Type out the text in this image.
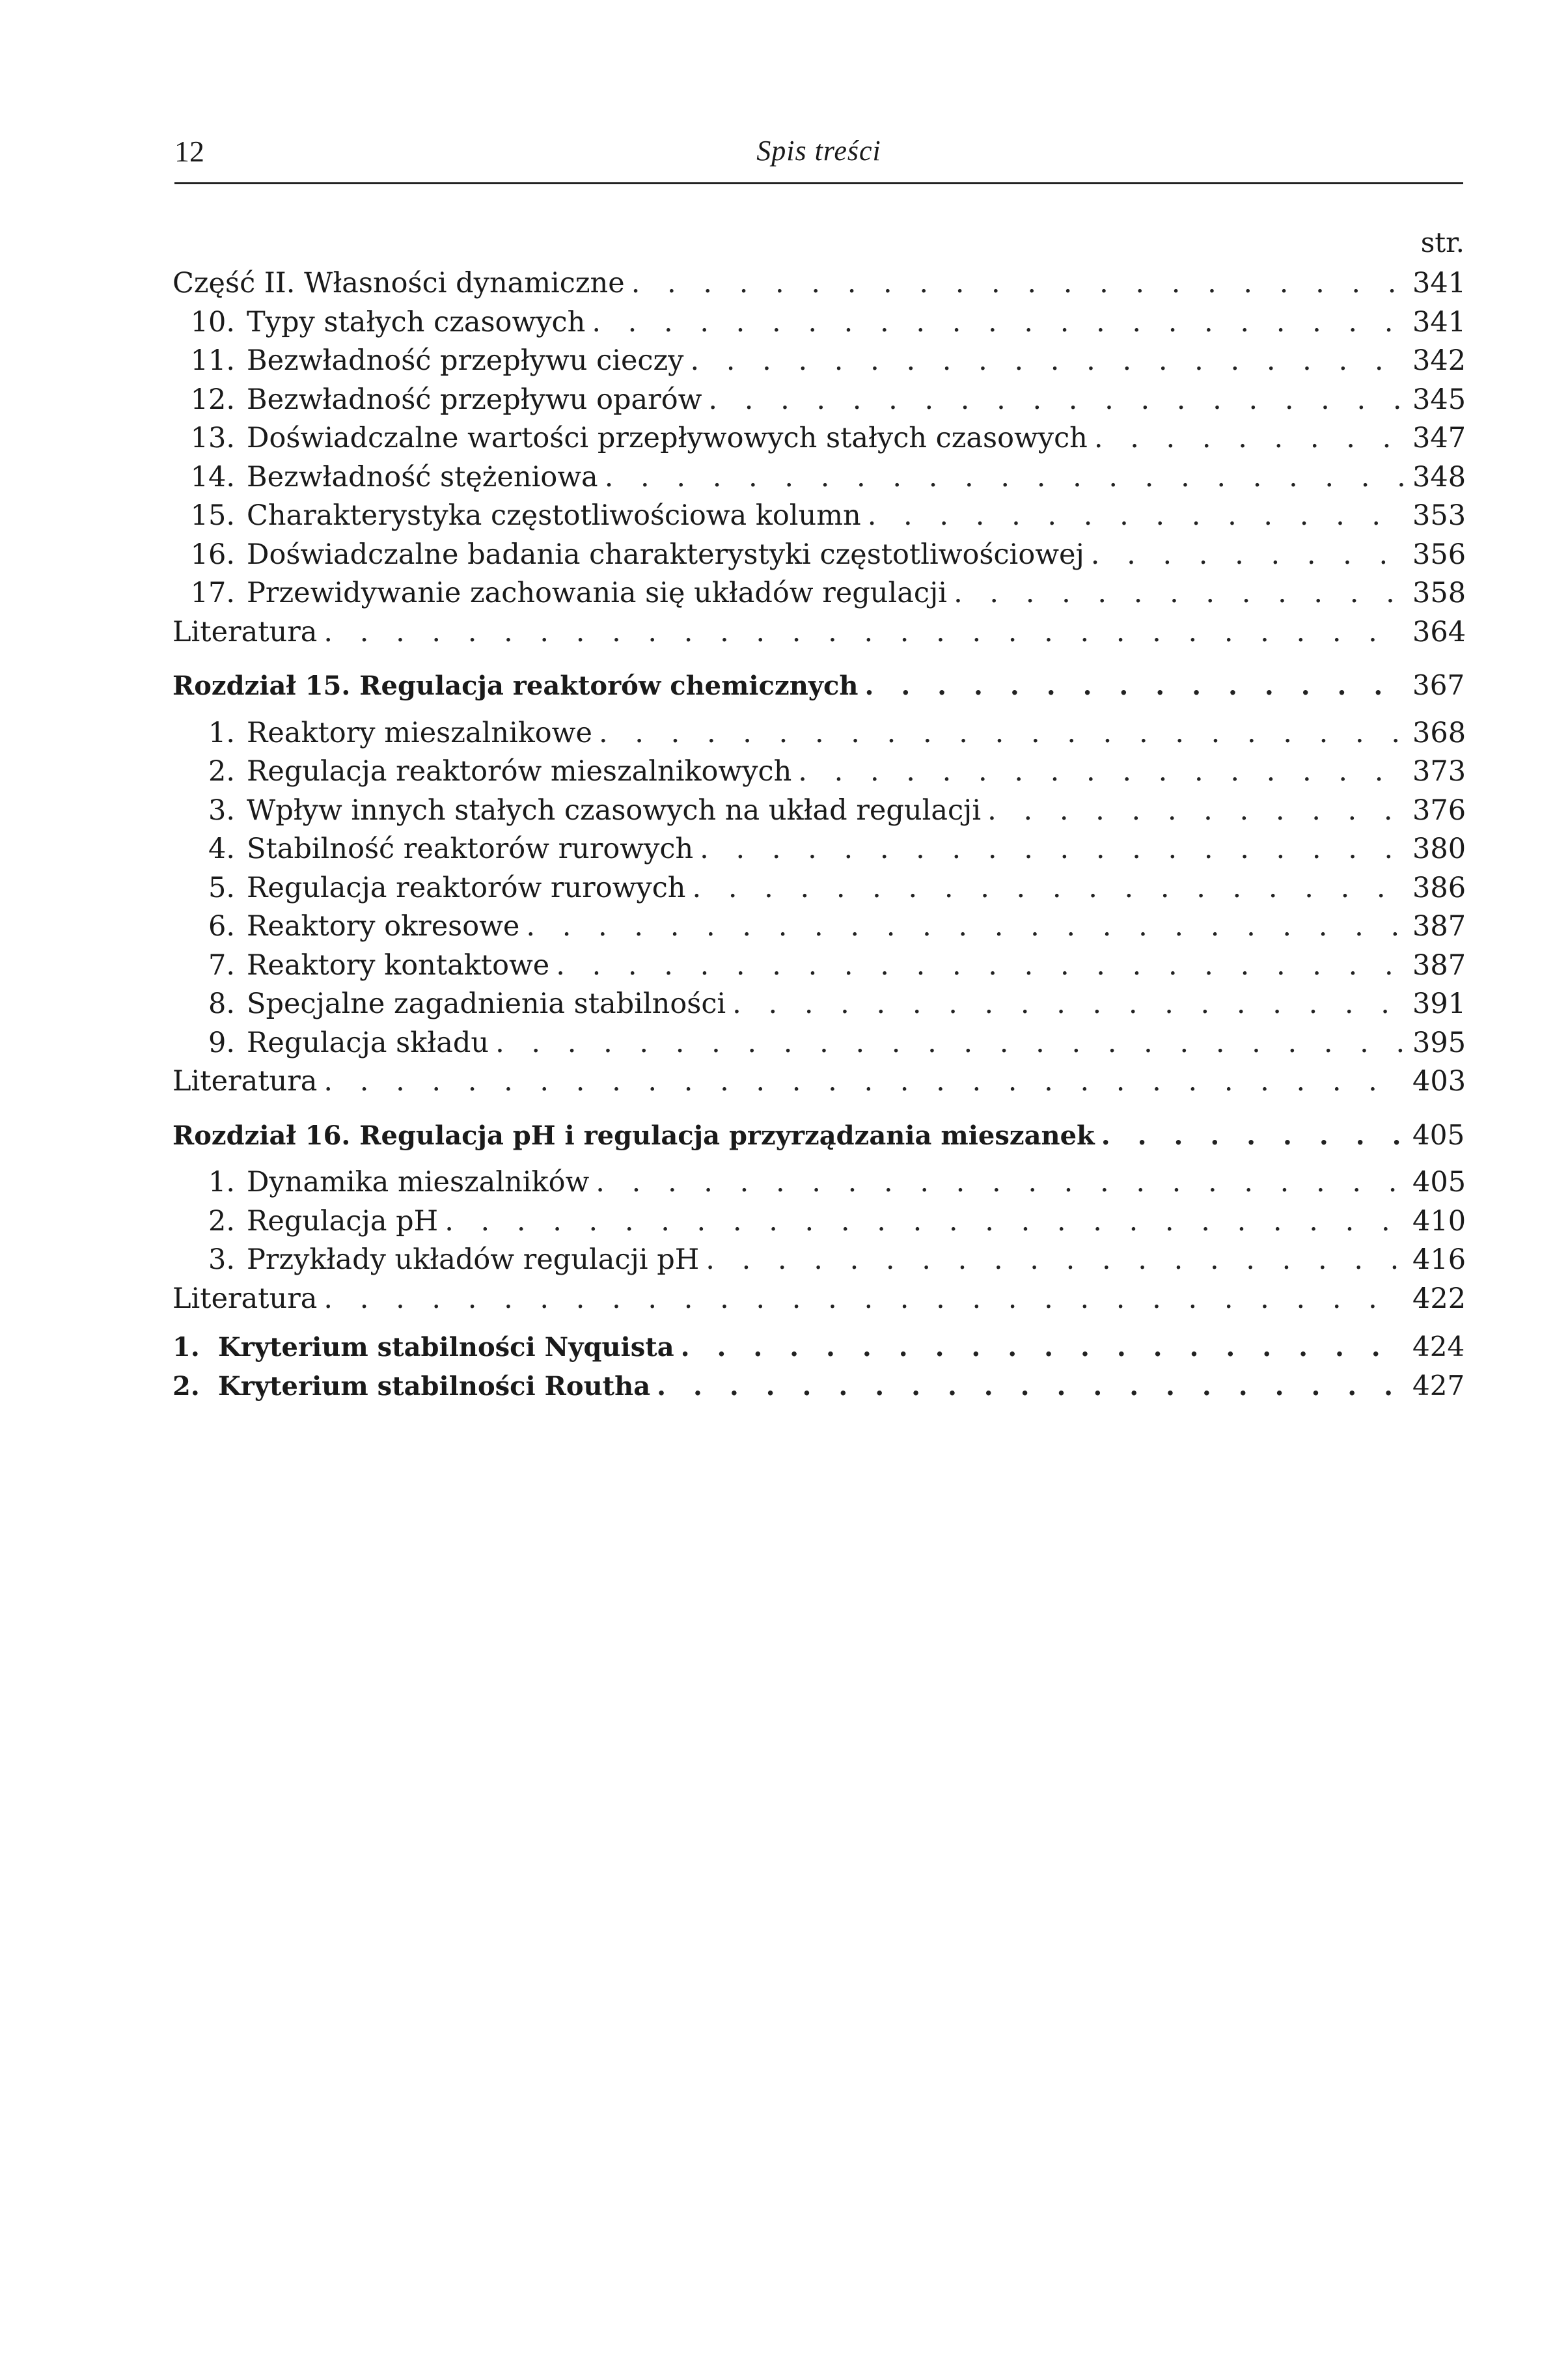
12	Spis treści
str.
Część II. Własności dynamiczne . . .	341
10. Typy stałych czasowych . . .	341
11. Bezwładność przepływu cieczy . . .	342
12. Bezwładność przepływu oparów . . .	345
13. Doświadczalne wartości przepływowych stałych czasowych . . .	347
14. Bezwładność stężeniowa . . .	348
15. Charakterystyka częstotliwościowa kolumn . . .	353
16. Doświadczalne badania charakterystyki częstotliwościowej . . .	356
17. Przewidywanie zachowania się układów regulacji . . .	358
Literatura . . .	364
Rozdział 15. Regulacja reaktorów chemicznych . . .	367
1. Reaktory mieszalnikowe . . .	368
2. Regulacja reaktorów mieszalnikowych . . .	373
3. Wpływ innych stałych czasowych na układ regulacji . . .	376
4. Stabilność reaktorów rurowych . . .	380
5. Regulacja reaktorów rurowych . . .	386
6. Reaktory okresowe . . .	387
7. Reaktory kontaktowe . . .	387
8. Specjalne zagadnienia stabilności . . .	391
9. Regulacja składu . . .	395
Literatura . . .	403
Rozdział 16. Regulacja pH i regulacja przyrządzania mieszanek . . .	405
1. Dynamika mieszalników . . .	405
2. Regulacja pH . . .	410
3. Przykłady układów regulacji pH . . .	416
Literatura . . .	422
1. Kryterium stabilności Nyquista . . .	424
2. Kryterium stabilności Routha . . .	427
